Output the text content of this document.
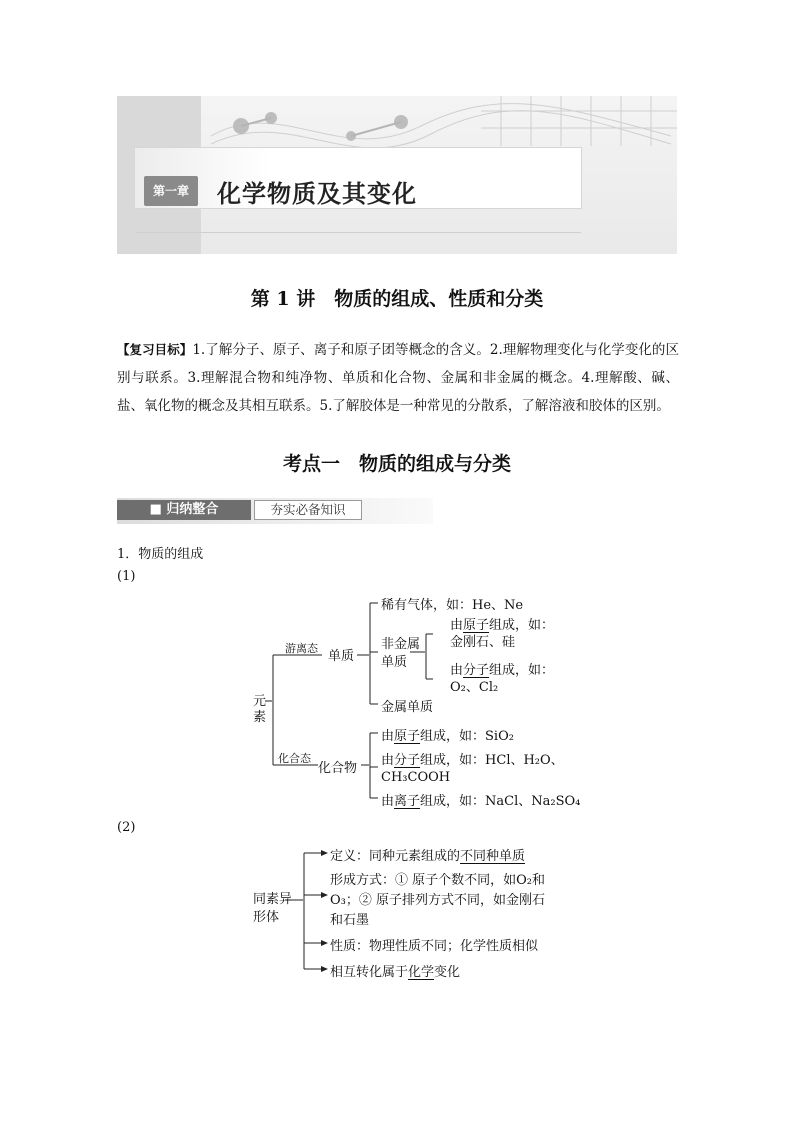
第一章	化学物质及其变化
第 1 讲　物质的组成、性质和分类
【复习目标】1.了解分子、原子、离子和原子团等概念的含义。2.理解物理变化与化学变化的区别与联系。3.理解混合物和纯净物、单质和化合物、金属和非金属的概念。4.理解酸、碱、盐、氧化物的概念及其相互联系。5.了解胶体是一种常见的分散系，了解溶液和胶体的区别。
考点一　物质的组成与分类
■ 归纳整合	夯实必备知识
1．物质的组成
(1)
元
素
游离态
化合态
单质
化合物
稀有气体，如：He、Ne
非金属
单质
由原子组成，如：
金刚石、硅
由分子组成，如：
O₂、Cl₂
金属单质
由原子组成，如：SiO₂
由分子组成，如：HCl、H₂O、
CH₃COOH
由离子组成，如：NaCl、Na₂SO₄
(2)
同素异
形体
定义：同种元素组成的不同种单质
形成方式：① 原子个数不同，如O₂和
O₃；② 原子排列方式不同，如金刚石
和石墨
性质：物理性质不同；化学性质相似
相互转化属于化学变化
